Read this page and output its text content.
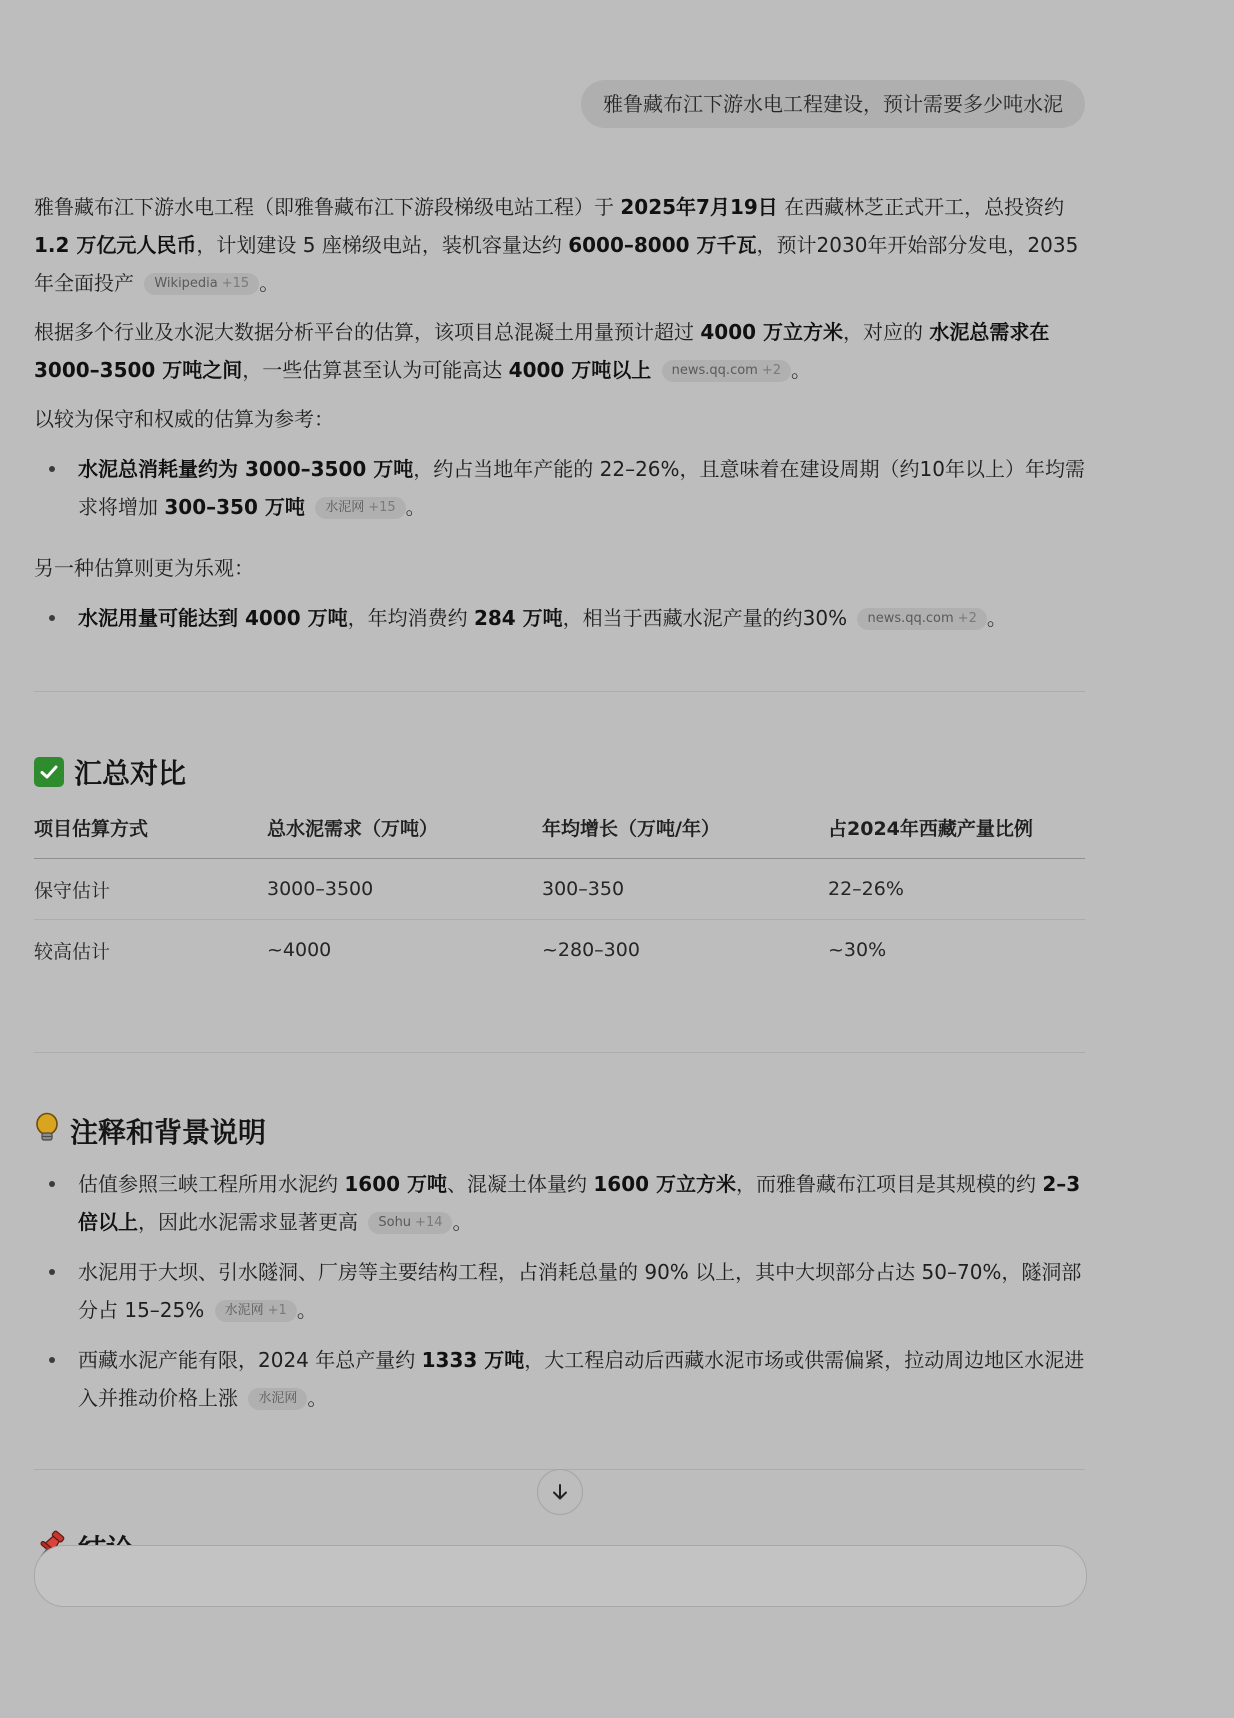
雅鲁藏布江下游水电工程建设，预计需要多少吨水泥

雅鲁藏布江下游水电工程（即雅鲁藏布江下游段梯级电站工程）于 2025年7月19日 在西藏林芝正式开工，总投资约 1.2 万亿元人民币，计划建设 5 座梯级电站，装机容量达约 6000–8000 万千瓦，预计2030年开始部分发电，2035年全面投产 Wikipedia +15 。

根据多个行业及水泥大数据分析平台的估算，该项目总混凝土用量预计超过 4000 万立方米，对应的 水泥总需求在3000–3500 万吨之间，一些估算甚至认为可能高达 4000 万吨以上 news.qq.com +2 。

以较为保守和权威的估算为参考：

水泥总消耗量约为 3000–3500 万吨，约占当地年产能的 22–26%，且意味着在建设周期（约10年以上）年均需求将增加 300–350 万吨 水泥网 +15 。

另一种估算则更为乐观：

水泥用量可能达到 4000 万吨，年均消费约 284 万吨，相当于西藏水泥产量的约30% news.qq.com +2 。
汇总对比
项目估算方式	总水泥需求（万吨）	年均增长（万吨/年）	占2024年西藏产量比例
保守估计	3000–3500	300–350	22–26%
较高估计	~4000	~280–300	~30%
注释和背景说明
估值参照三峡工程所用水泥约 1600 万吨、混凝土体量约 1600 万立方米，而雅鲁藏布江项目是其规模的约 2–3 倍以上，因此水泥需求显著更高 Sohu +14 。
水泥用于大坝、引水隧洞、厂房等主要结构工程，占消耗总量的 90% 以上，其中大坝部分占达 50–70%，隧洞部分占 15–25% 水泥网 +1 。
西藏水泥产能有限，2024 年总产量约 1333 万吨，大工程启动后西藏水泥市场或供需偏紧，拉动周边地区水泥进入并推动价格上涨 水泥网 。
